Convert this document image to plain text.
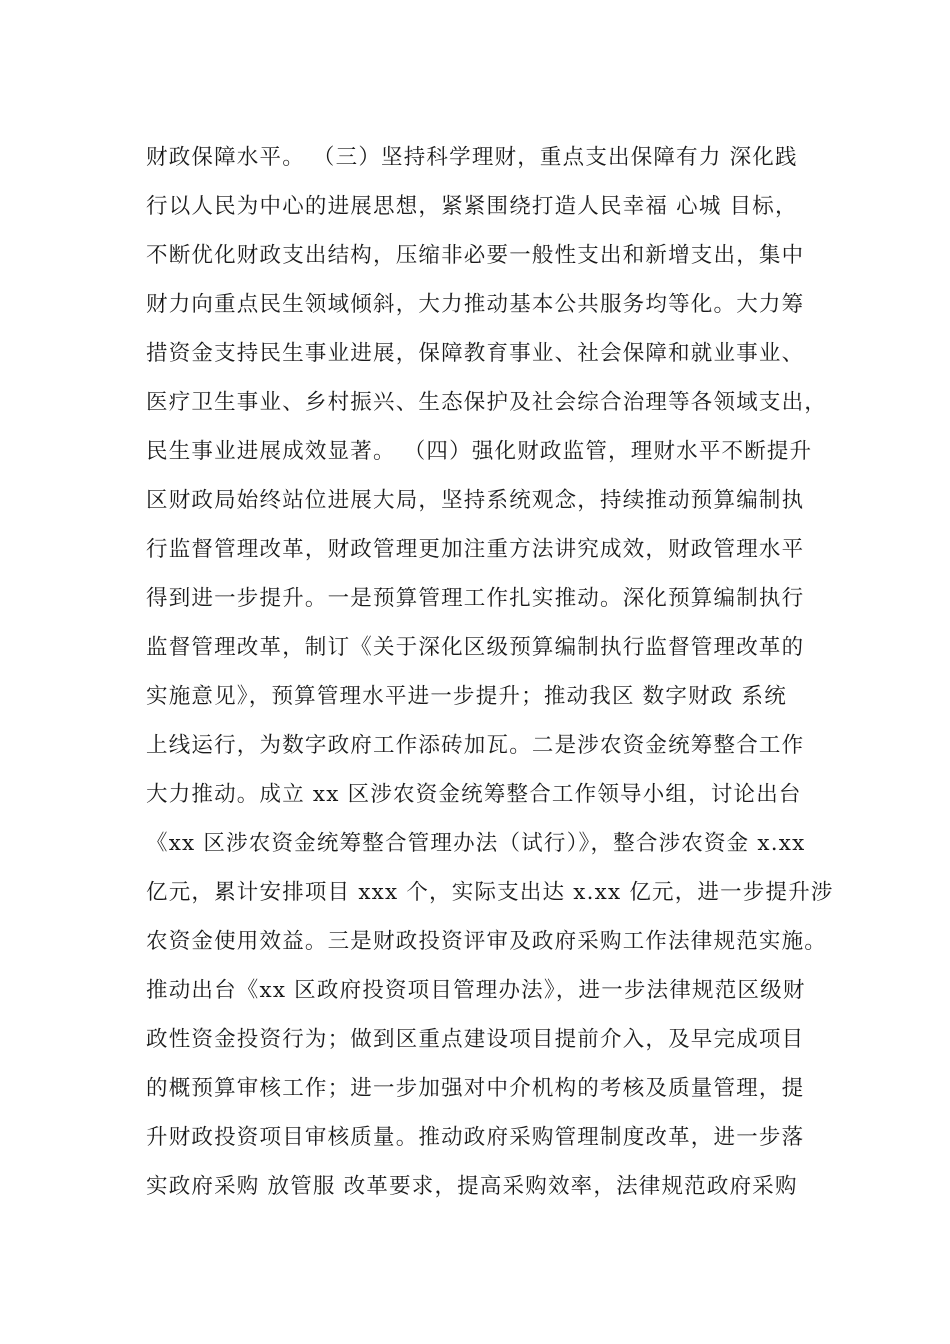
财政保障水平。 （三）坚持科学理财，重点支出保障有力 深化践
行以人民为中心的进展思想，紧紧围绕打造人民幸福 心城 目标，
不断优化财政支出结构，压缩非必要一般性支出和新增支出，集中
财力向重点民生领域倾斜，大力推动基本公共服务均等化。大力筹
措资金支持民生事业进展，保障教育事业、社会保障和就业事业、
医疗卫生事业、乡村振兴、生态保护及社会综合治理等各领域支出，
民生事业进展成效显著。 （四）强化财政监管，理财水平不断提升
区财政局始终站位进展大局，坚持系统观念，持续推动预算编制执
行监督管理改革，财政管理更加注重方法讲究成效，财政管理水平
得到进一步提升。一是预算管理工作扎实推动。深化预算编制执行
监督管理改革，制订《关于深化区级预算编制执行监督管理改革的
实施意见》，预算管理水平进一步提升；推动我区 数字财政 系统
上线运行，为数字政府工作添砖加瓦。二是涉农资金统筹整合工作
大力推动。成立 xx 区涉农资金统筹整合工作领导小组，讨论出台
《xx 区涉农资金统筹整合管理办法（试行）》，整合涉农资金 x.xx
亿元，累计安排项目 xxx 个，实际支出达 x.xx 亿元，进一步提升涉
农资金使用效益。三是财政投资评审及政府采购工作法律规范实施。
推动出台《xx 区政府投资项目管理办法》，进一步法律规范区级财
政性资金投资行为；做到区重点建设项目提前介入，及早完成项目
的概预算审核工作；进一步加强对中介机构的考核及质量管理，提
升财政投资项目审核质量。推动政府采购管理制度改革，进一步落
实政府采购 放管服 改革要求，提高采购效率，法律规范政府采购
